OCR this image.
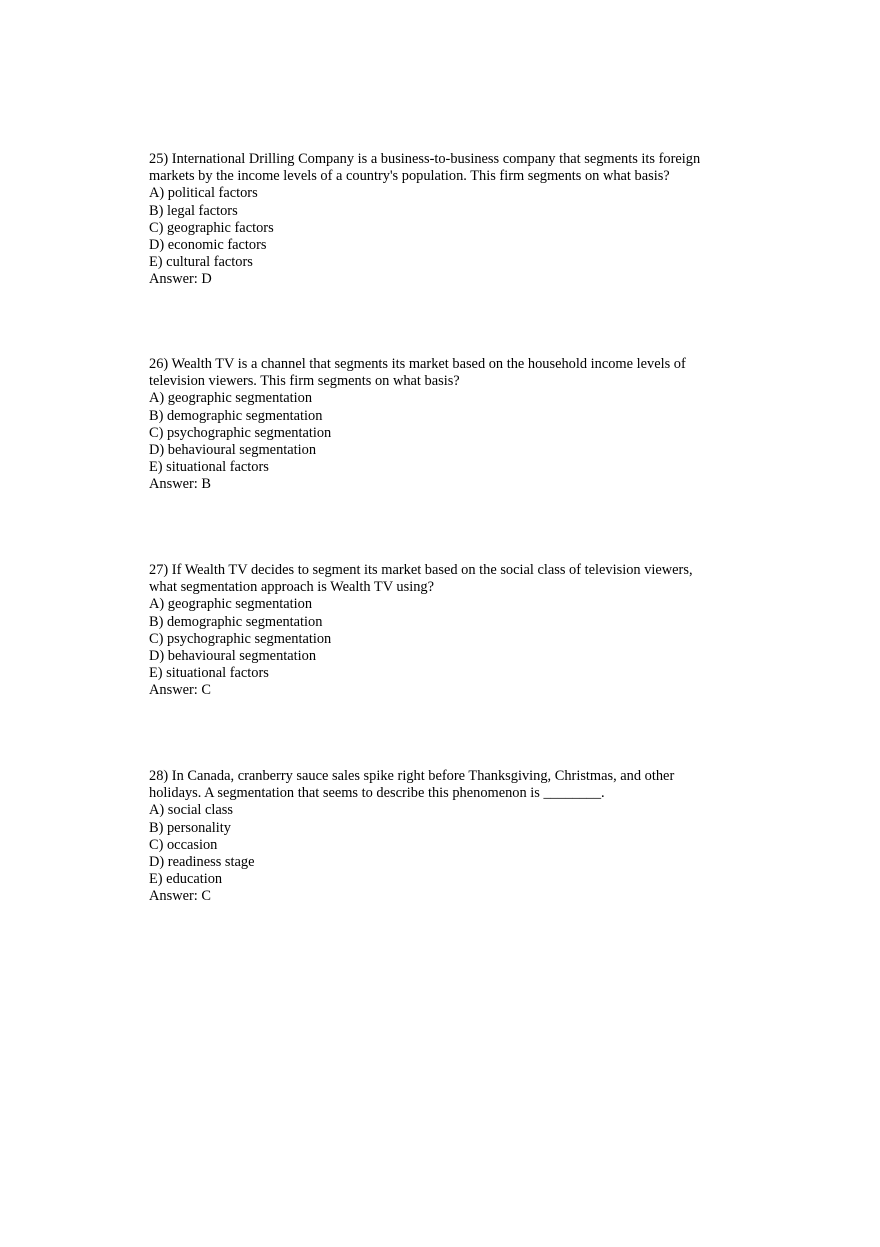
25) International Drilling Company is a business-to-business company that segments its foreign
markets by the income levels of a country's population. This firm segments on what basis?
A) political factors
B) legal factors
C) geographic factors
D) economic factors
E) cultural factors
Answer: D
26) Wealth TV is a channel that segments its market based on the household income levels of
television viewers. This firm segments on what basis?
A) geographic segmentation
B) demographic segmentation
C) psychographic segmentation
D) behavioural segmentation
E) situational factors
Answer: B
27) If Wealth TV decides to segment its market based on the social class of television viewers,
what segmentation approach is Wealth TV using?
A) geographic segmentation
B) demographic segmentation
C) psychographic segmentation
D) behavioural segmentation
E) situational factors
Answer: C
28) In Canada, cranberry sauce sales spike right before Thanksgiving, Christmas, and other
holidays. A segmentation that seems to describe this phenomenon is ________.
A) social class
B) personality
C) occasion
D) readiness stage
E) education
Answer: C
